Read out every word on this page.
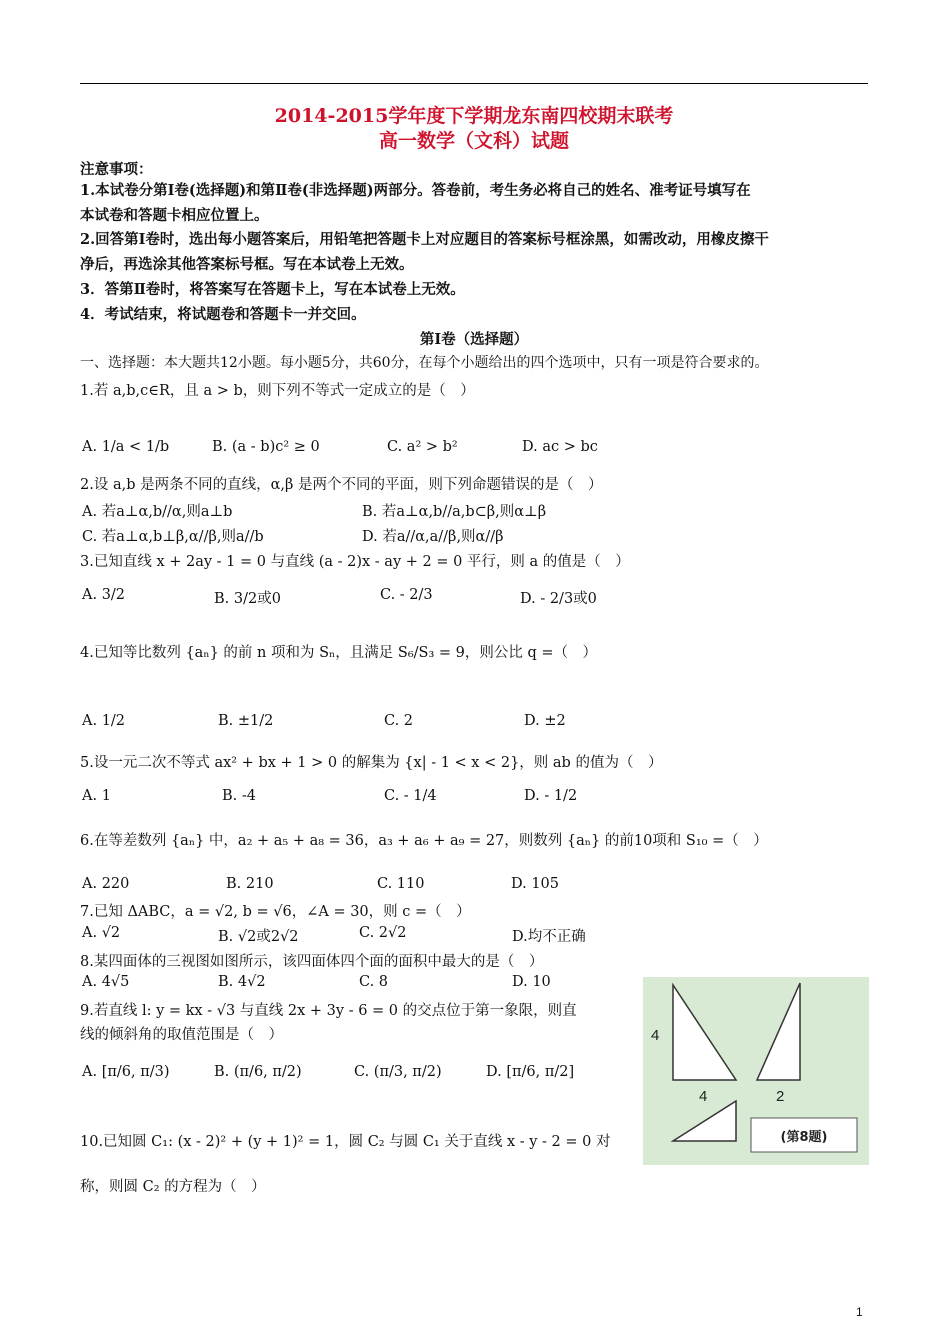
2014-2015学年度下学期龙东南四校期末联考
高一数学（文科）试题
注意事项：
1.本试卷分第Ⅰ卷(选择题)和第Ⅱ卷(非选择题)两部分。答卷前，考生务必将自己的姓名、准考证号填写在
本试卷和答题卡相应位置上。
2.回答第Ⅰ卷时，选出每小题答案后，用铅笔把答题卡上对应题目的答案标号框涂黑，如需改动，用橡皮擦干
净后，再选涂其他答案标号框。写在本试卷上无效。
3．答第Ⅱ卷时，将答案写在答题卡上，写在本试卷上无效。
4．考试结束，将试题卷和答题卡一并交回。
第Ⅰ卷（选择题）
一、选择题：本大题共12小题。每小题5分，共60分，在每个小题给出的四个选项中，只有一项是符合要求的。
1.若 a,b,c∈R，且 a > b，则下列不等式一定成立的是（　）
A. 1/a < 1/b	B. (a - b)c² ≥ 0	C. a² > b²	D. ac > bc
2.设 a,b 是两条不同的直线，α,β 是两个不同的平面，则下列命题错误的是（　）
A. 若a⊥α,b//α,则a⊥b	B. 若a⊥α,b//a,b⊂β,则α⊥β
C. 若a⊥α,b⊥β,α//β,则a//b	D. 若a//α,a//β,则α//β
3.已知直线 x + 2ay - 1 = 0 与直线 (a - 2)x - ay + 2 = 0 平行，则 a 的值是（　）
A. 3/2	B. 3/2或0	C. - 2/3	D. - 2/3或0
4.已知等比数列 {aₙ} 的前 n 项和为 Sₙ，且满足 S₆/S₃ = 9，则公比 q =（　）
A. 1/2	B. ±1/2	C. 2	D. ±2
5.设一元二次不等式 ax² + bx + 1 > 0 的解集为 {x| - 1 < x < 2}，则 ab 的值为（　）
A. 1	B. -4	C. - 1/4	D. - 1/2
6.在等差数列 {aₙ} 中，a₂ + a₅ + a₈ = 36，a₃ + a₆ + a₉ = 27，则数列 {aₙ} 的前10项和 S₁₀ =（　）
A. 220	B. 210	C. 110	D. 105
7.已知 ΔABC，a = √2, b = √6，∠A = 30，则 c =（　）
A. √2	B. √2或2√2	C. 2√2	D.均不正确
8.某四面体的三视图如图所示，该四面体四个面的面积中最大的是（　）
A. 4√5	B. 4√2	C. 8	D. 10
9.若直线 l: y = kx - √3 与直线 2x + 3y - 6 = 0 的交点位于第一象限，则直
线的倾斜角的取值范围是（　）
A. [π/6, π/3)	B. (π/6, π/2)	C. (π/3, π/2)	D. [π/6, π/2]
10.已知圆 C₁: (x - 2)² + (y + 1)² = 1，圆 C₂ 与圆 C₁ 关于直线 x - y - 2 = 0 对
称，则圆 C₂ 的方程为（　）
4
4	2
(第8题)
1
